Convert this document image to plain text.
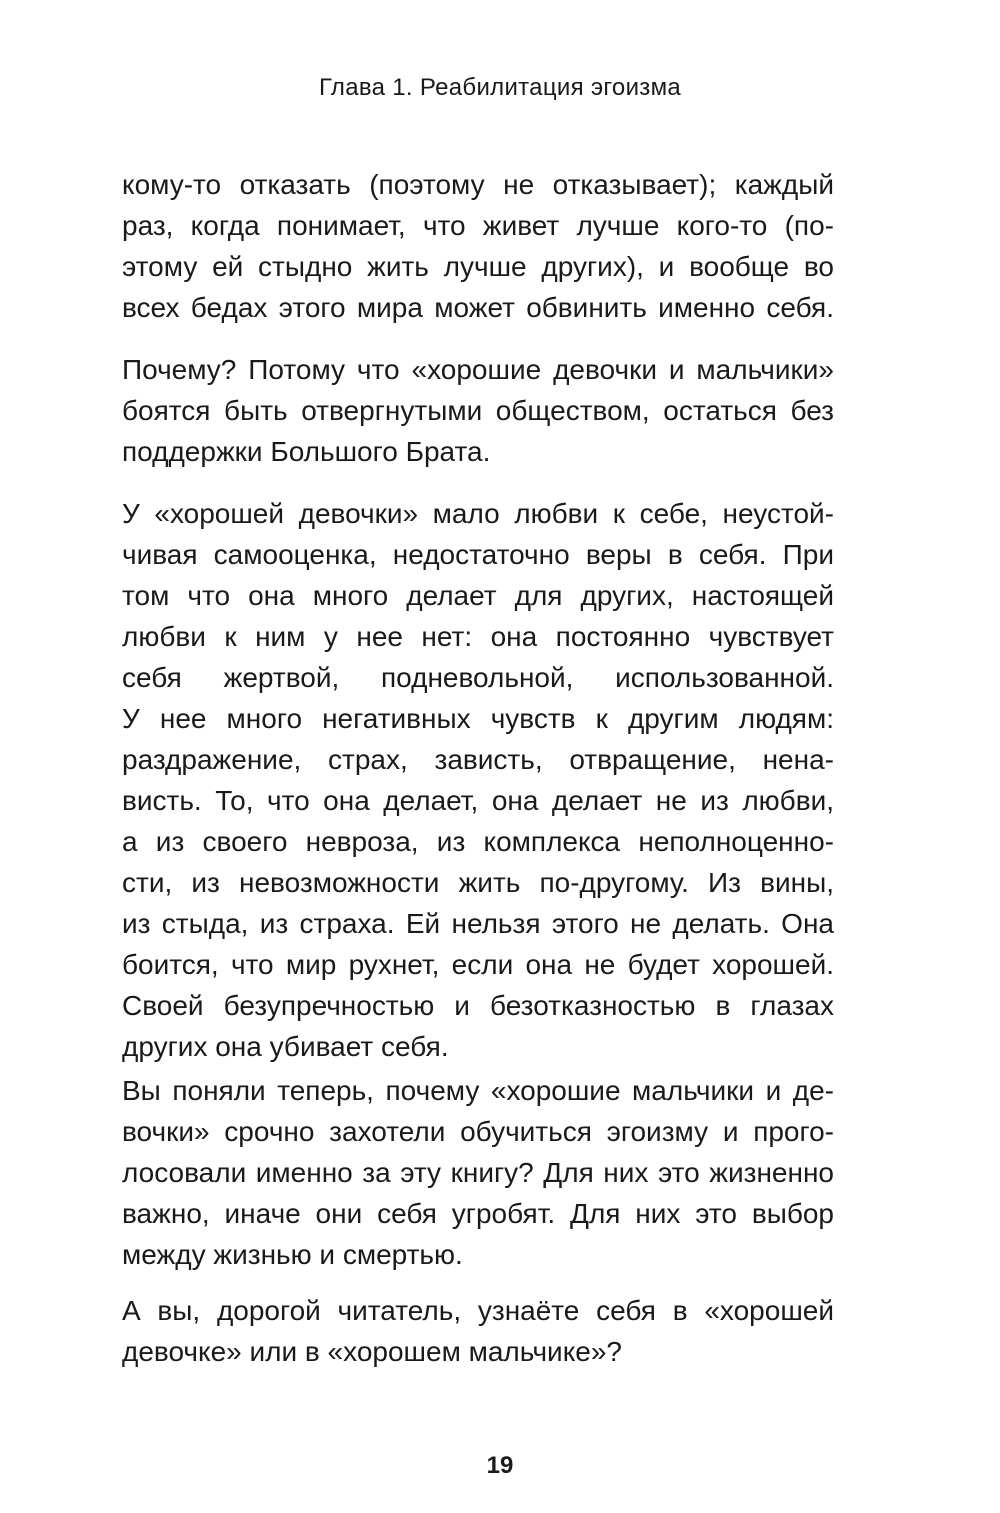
Глава 1. Реабилитация эгоизма
кому-то отказать (поэтому не отказывает); каждый
раз, когда понимает, что живет лучше кого-то (по-
этому ей стыдно жить лучше других), и вообще во
всех бедах этого мира может обвинить именно себя.
Почему? Потому что «хорошие девочки и мальчики»
боятся быть отвергнутыми обществом, остаться без
поддержки Большого Брата.
У «хорошей девочки» мало любви к себе, неустой-
чивая самооценка, недостаточно веры в себя. При
том что она много делает для других, настоящей
любви к ним у нее нет: она постоянно чувствует
себя жертвой, подневольной, использованной.
У нее много негативных чувств к другим людям:
раздражение, страх, зависть, отвращение, нена-
висть. То, что она делает, она делает не из любви,
а из своего невроза, из комплекса неполноценно-
сти, из невозможности жить по-другому. Из вины,
из стыда, из страха. Ей нельзя этого не делать. Она
боится, что мир рухнет, если она не будет хорошей.
Своей безупречностью и безотказностью в глазах
других она убивает себя.
Вы поняли теперь, почему «хорошие мальчики и де-
вочки» срочно захотели обучиться эгоизму и прого-
лосовали именно за эту книгу? Для них это жизненно
важно, иначе они себя угробят. Для них это выбор
между жизнью и смертью.
А вы, дорогой читатель, узнаёте себя в «хорошей
девочке» или в «хорошем мальчике»?
19
